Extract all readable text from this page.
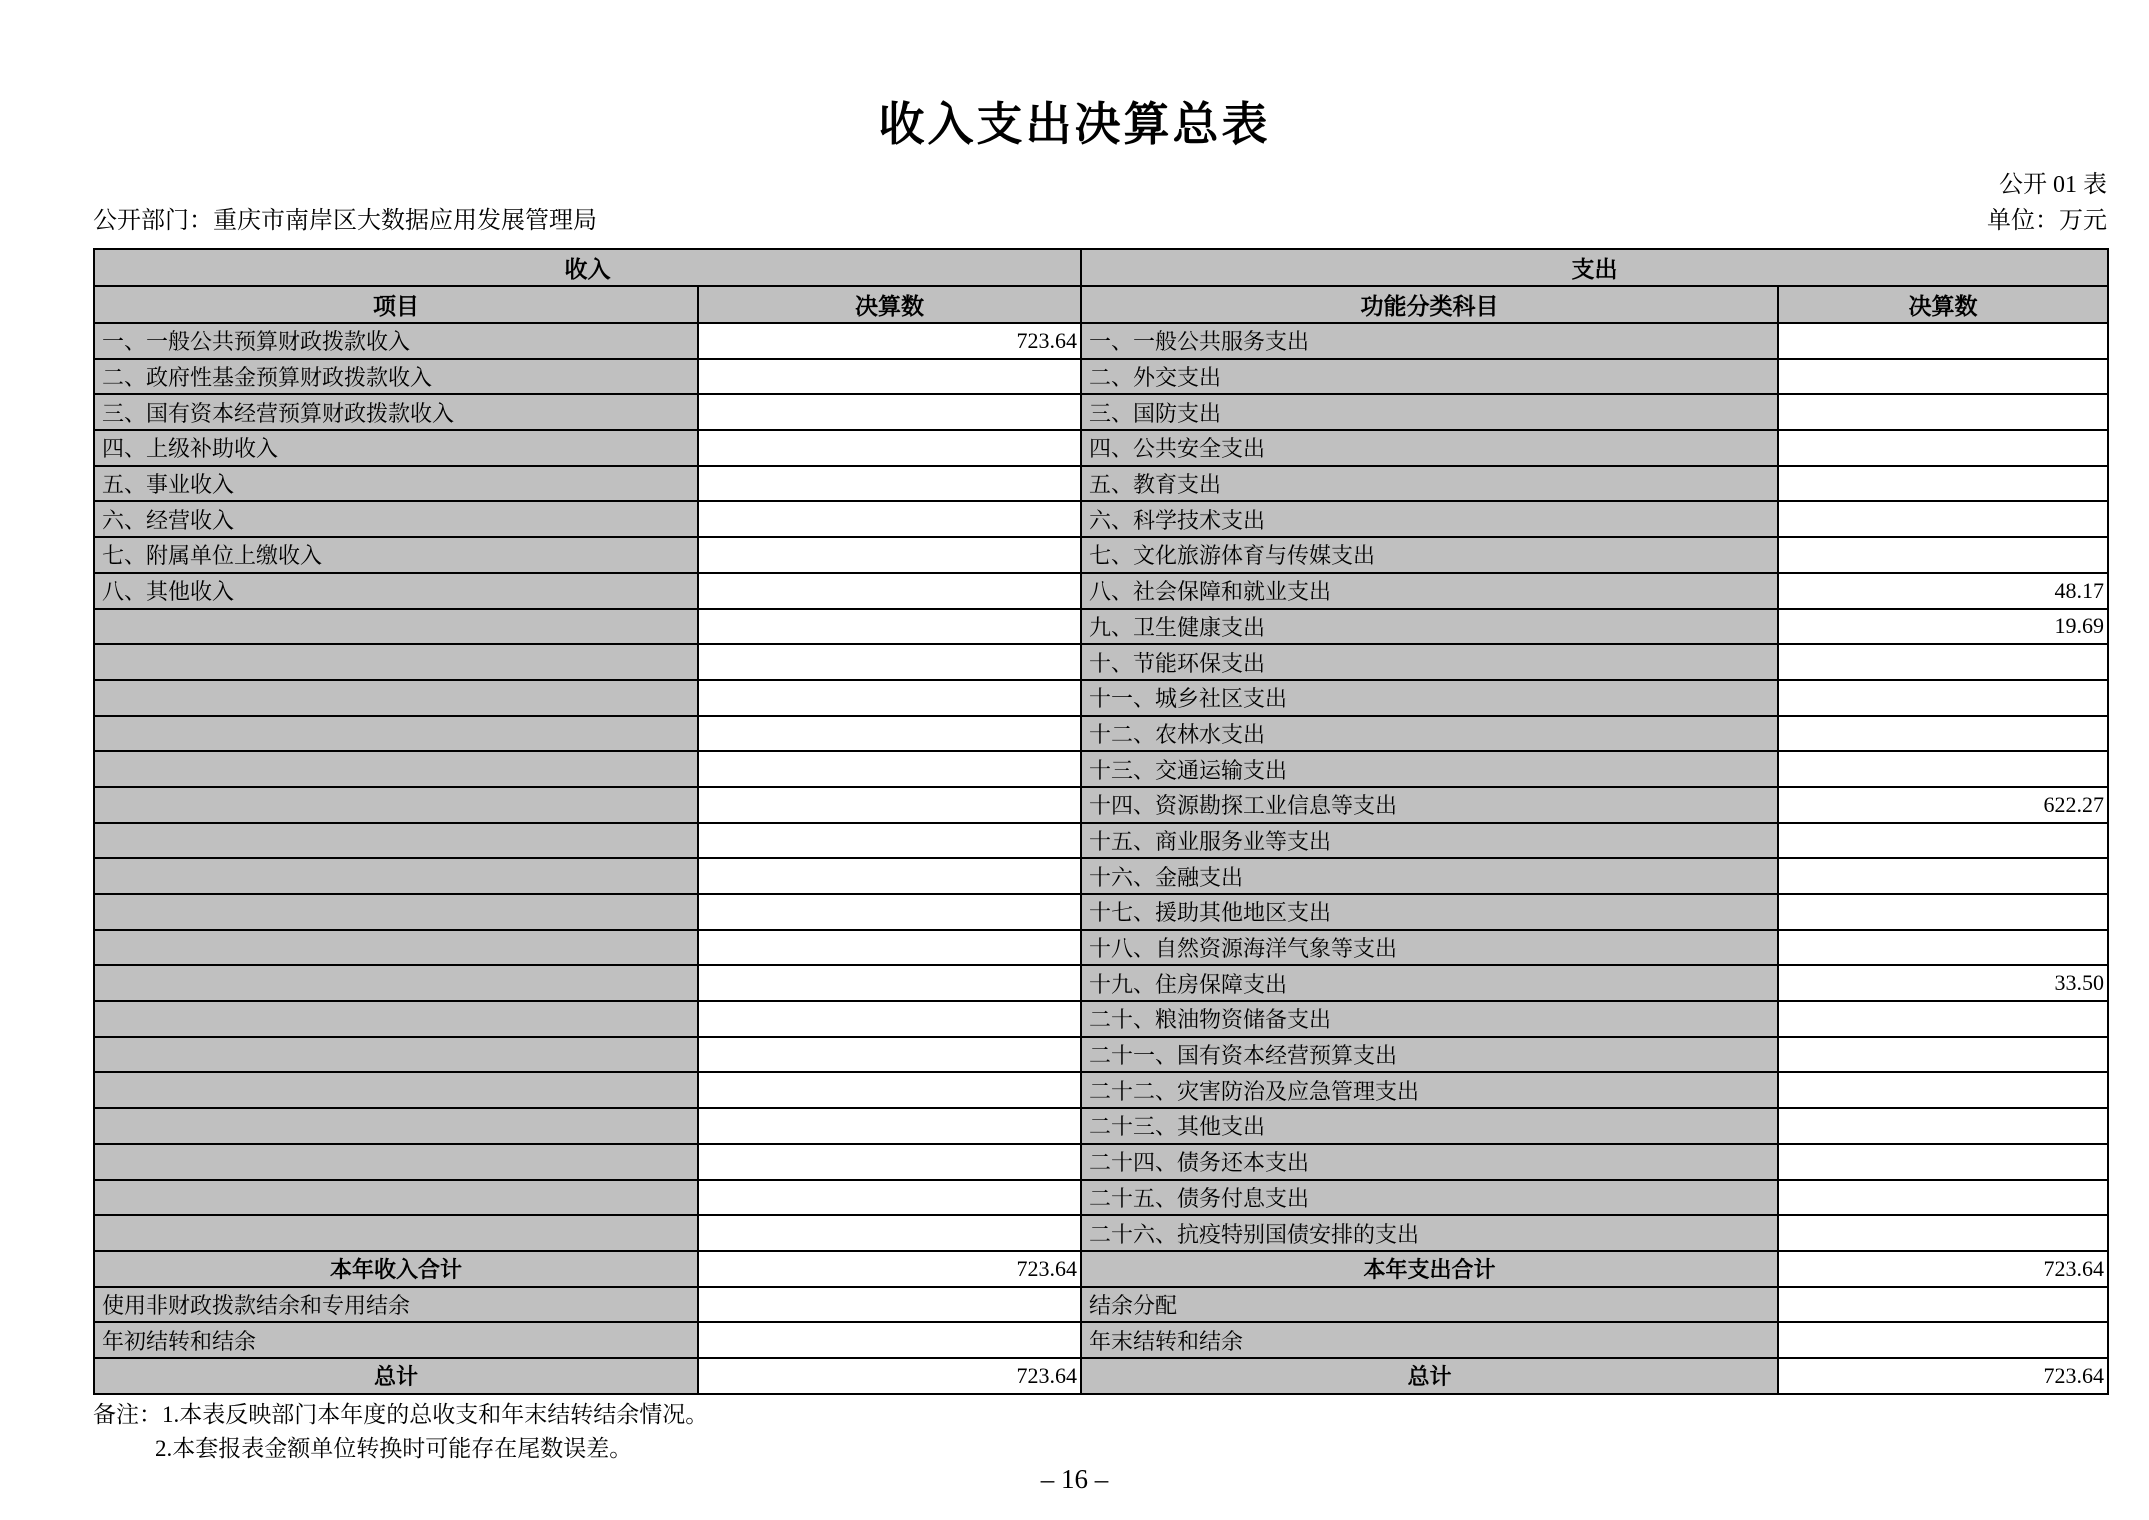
收入支出决算总表
公开 01 表
公开部门：重庆市南岸区大数据应用发展管理局	单位：万元
收入		支出	
项目	决算数	功能分类科目	决算数
一、一般公共预算财政拨款收入	723.64	一、一般公共服务支出	
二、政府性基金预算财政拨款收入		二、外交支出	
三、国有资本经营预算财政拨款收入		三、国防支出	
四、上级补助收入		四、公共安全支出	
五、事业收入		五、教育支出	
六、经营收入		六、科学技术支出	
七、附属单位上缴收入		七、文化旅游体育与传媒支出	
八、其他收入		八、社会保障和就业支出	48.17
		九、卫生健康支出	19.69
		十、节能环保支出	
		十一、城乡社区支出	
		十二、农林水支出	
		十三、交通运输支出	
		十四、资源勘探工业信息等支出	622.27
		十五、商业服务业等支出	
		十六、金融支出	
		十七、援助其他地区支出	
		十八、自然资源海洋气象等支出	
		十九、住房保障支出	33.50
		二十、粮油物资储备支出	
		二十一、国有资本经营预算支出	
		二十二、灾害防治及应急管理支出	
		二十三、其他支出	
		二十四、债务还本支出	
		二十五、债务付息支出	
		二十六、抗疫特别国债安排的支出	
本年收入合计	723.64	本年支出合计	723.64
使用非财政拨款结余和专用结余		结余分配	
年初结转和结余		年末结转和结余	
总计	723.64	总计	723.64
备注：1.本表反映部门本年度的总收支和年末结转结余情况。
2.本套报表金额单位转换时可能存在尾数误差。
– 16 –
